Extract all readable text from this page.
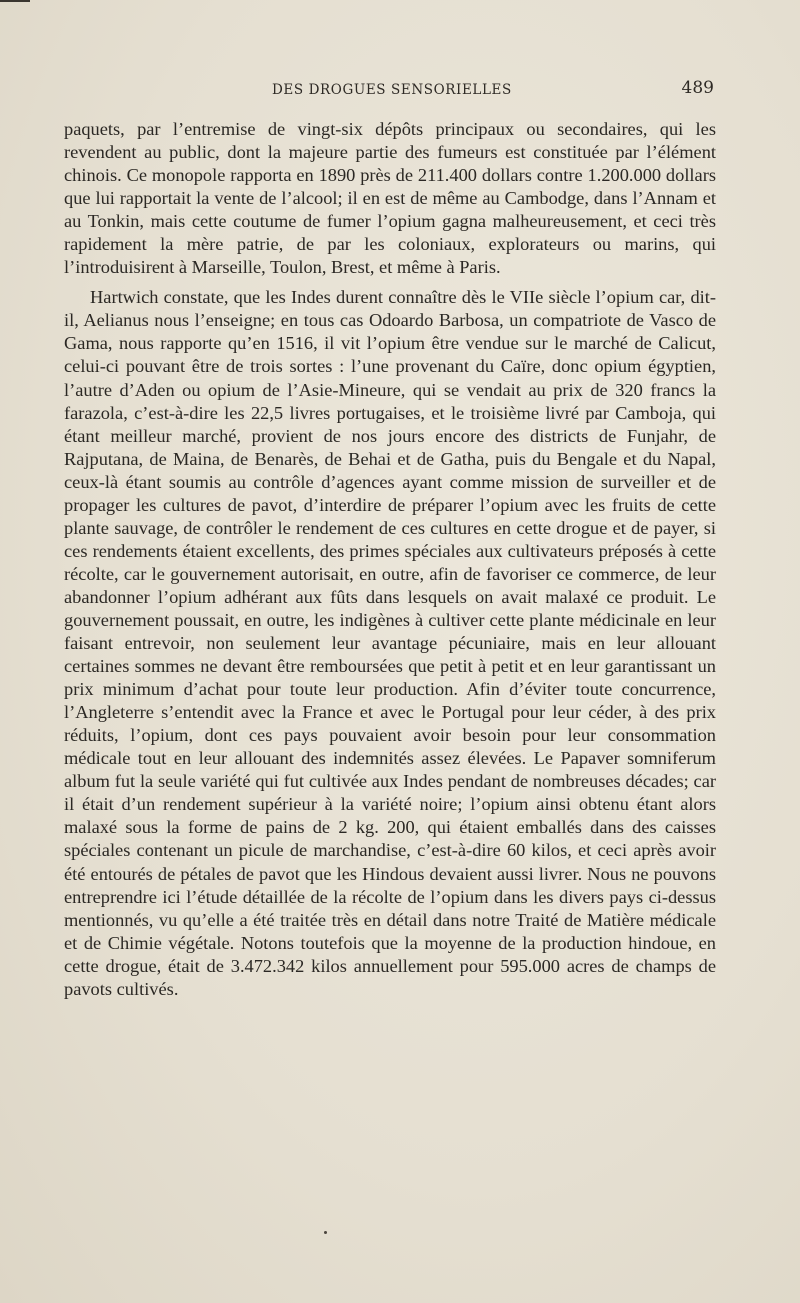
DES DROGUES SENSORIELLES	489

paquets, par l’entremise de vingt-six dépôts principaux ou secondaires, qui les revendent au public, dont la majeure partie des fumeurs est constituée par l’élément chinois. Ce monopole rapporta en 1890 près de 211.400 dollars contre 1.200.000 dollars que lui rapportait la vente de l’alcool; il en est de même au Cambodge, dans l’Annam et au Tonkin, mais cette coutume de fumer l’opium gagna malheureusement, et ceci très rapidement la mère patrie, de par les coloniaux, explorateurs ou marins, qui l’introduisirent à Marseille, Toulon, Brest, et même à Paris.

Hartwich constate, que les Indes durent connaître dès le VIIe siècle l’opium car, dit-il, Aelianus nous l’enseigne; en tous cas Odoardo Barbosa, un compatriote de Vasco de Gama, nous rapporte qu’en 1516, il vit l’opium être vendue sur le marché de Calicut, celui-ci pouvant être de trois sortes : l’une provenant du Caïre, donc opium égyptien, l’autre d’Aden ou opium de l’Asie-Mineure, qui se vendait au prix de 320 francs la farazola, c’est-à-dire les 22,5 livres portugaises, et le troisième livré par Camboja, qui étant meilleur marché, provient de nos jours encore des districts de Funjahr, de Rajputana, de Maina, de Benarès, de Behai et de Gatha, puis du Bengale et du Napal, ceux-là étant soumis au contrôle d’agences ayant comme mission de surveiller et de propager les cultures de pavot, d’interdire de préparer l’opium avec les fruits de cette plante sauvage, de contrôler le rendement de ces cultures en cette drogue et de payer, si ces rendements étaient excellents, des primes spéciales aux cultivateurs préposés à cette récolte, car le gouvernement autorisait, en outre, afin de favoriser ce commerce, de leur abandonner l’opium adhérant aux fûts dans lesquels on avait malaxé ce produit. Le gouvernement poussait, en outre, les indigènes à cultiver cette plante médicinale en leur faisant entrevoir, non seulement leur avantage pécuniaire, mais en leur allouant certaines sommes ne devant être remboursées que petit à petit et en leur garantissant un prix minimum d’achat pour toute leur production. Afin d’éviter toute concurrence, l’Angleterre s’entendit avec la France et avec le Portugal pour leur céder, à des prix réduits, l’opium, dont ces pays pouvaient avoir besoin pour leur consommation médicale tout en leur allouant des indemnités assez élevées. Le Papaver somniferum album fut la seule variété qui fut cultivée aux Indes pendant de nombreuses décades; car il était d’un rendement supérieur à la variété noire; l’opium ainsi obtenu étant alors malaxé sous la forme de pains de 2 kg. 200, qui étaient emballés dans des caisses spéciales contenant un picule de marchandise, c’est-à-dire 60 kilos, et ceci après avoir été entourés de pétales de pavot que les Hindous devaient aussi livrer. Nous ne pouvons entreprendre ici l’étude détaillée de la récolte de l’opium dans les divers pays ci-dessus mentionnés, vu qu’elle a été traitée très en détail dans notre Traité de Matière médicale et de Chimie végétale. Notons toutefois que la moyenne de la production hindoue, en cette drogue, était de 3.472.342 kilos annuellement pour 595.000 acres de champs de pavots cultivés.
